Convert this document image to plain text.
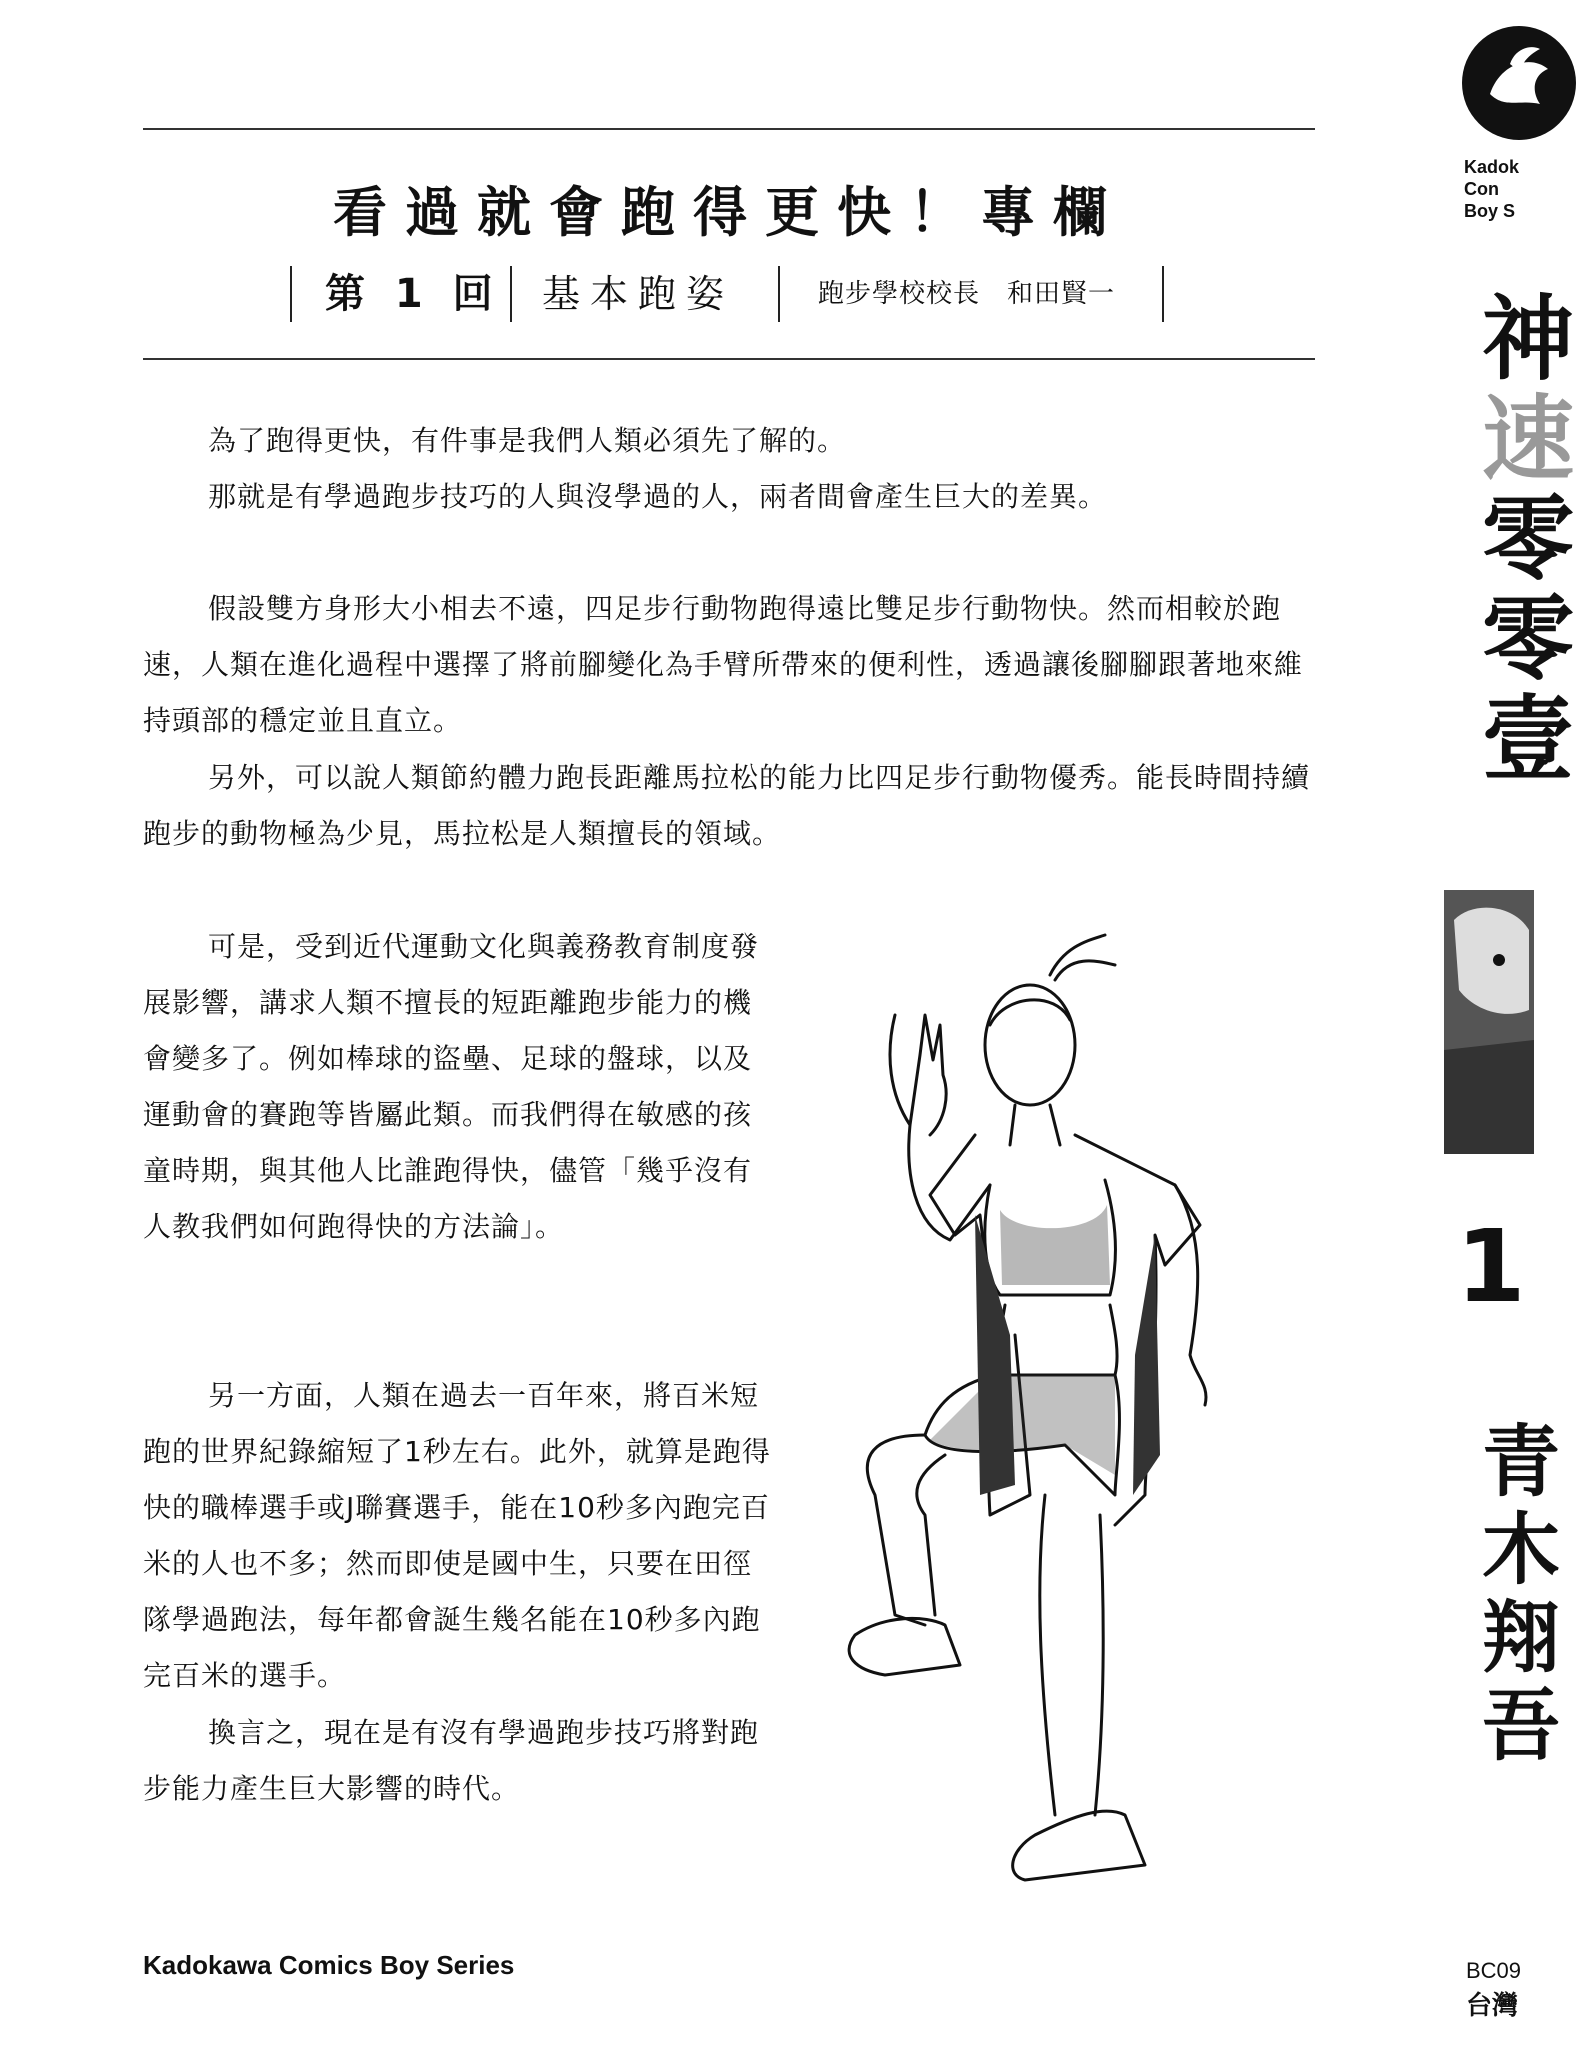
看過就會跑得更快！專欄
第 1 回 基本跑姿	跑步學校校長　和田賢一

為了跑得更快，有件事是我們人類必須先了解的。

那就是有學過跑步技巧的人與沒學過的人，兩者間會產生巨大的差異。

假設雙方身形大小相去不遠，四足步行動物跑得遠比雙足步行動物快。然而相較於跑速，人類在進化過程中選擇了將前腳變化為手臂所帶來的便利性，透過讓後腳腳跟著地來維持頭部的穩定並且直立。

另外，可以說人類節約體力跑長距離馬拉松的能力比四足步行動物優秀。能長時間持續跑步的動物極為少見，馬拉松是人類擅長的領域。

可是，受到近代運動文化與義務教育制度發展影響，講求人類不擅長的短距離跑步能力的機會變多了。例如棒球的盜壘、足球的盤球，以及運動會的賽跑等皆屬此類。而我們得在敏感的孩童時期，與其他人比誰跑得快，儘管「幾乎沒有人教我們如何跑得快的方法論」。

另一方面，人類在過去一百年來，將百米短跑的世界紀錄縮短了1秒左右。此外，就算是跑得快的職棒選手或J聯賽選手，能在10秒多內跑完百米的人也不多；然而即使是國中生，只要在田徑隊學過跑法，每年都會誕生幾名能在10秒多內跑完百米的選手。

換言之，現在是有沒有學過跑步技巧將對跑步能力產生巨大影響的時代。

Kadokawa Comics Boy Series
Kadok
Con
Boy S
神速零零壹
1
青木翔吾
BC09
台灣
